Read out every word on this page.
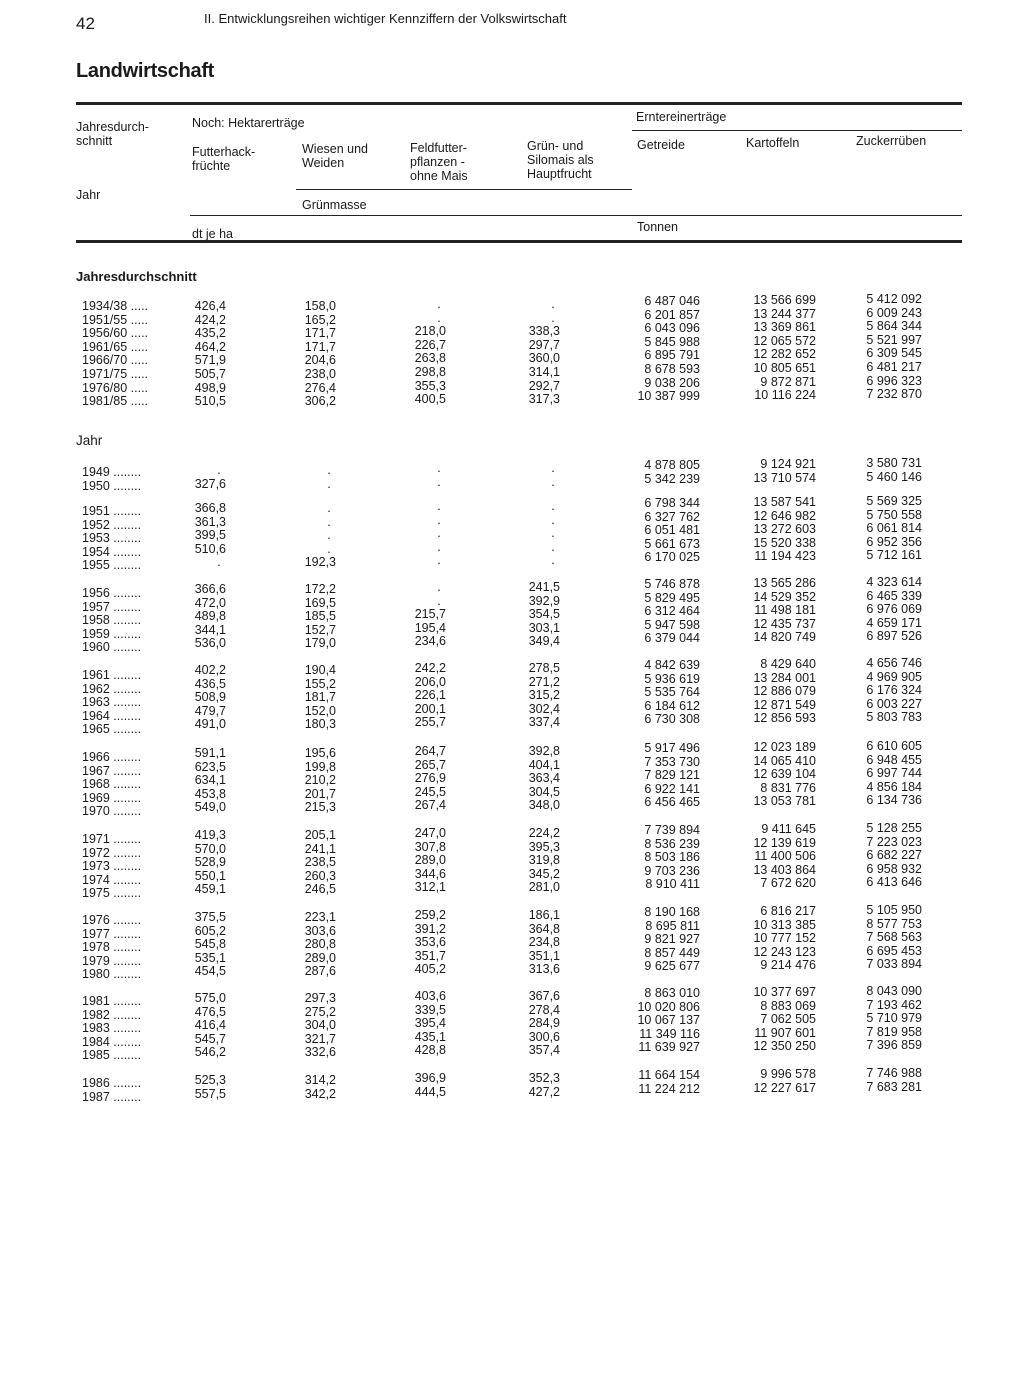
42	II. Entwicklungsreihen wichtiger Kennziffern der Volkswirtschaft
Landwirtschaft
Jahresdurch-
schnitt
Jahr
Noch: Hektarerträge	Erntereinerträge
Futterhack-
früchte
Wiesen und
Weiden
Feldfutter-
pflanzen -
ohne Mais
Grün- und
Silomais als
Hauptfrucht
Getreide	Kartoffeln	Zuckerrüben
Grünmasse
dt je ha	Tonnen
Jahresdurchschnitt
Jahr
1934/38 .....	426,4	158,0	.	.	6 487 046	13 566 699	5 412 092
1951/55 .....	424,2	165,2	.	.	6 201 857	13 244 377	6 009 243
1956/60 .....	435,2	171,7	218,0	338,3	6 043 096	13 369 861	5 864 344
1961/65 .....	464,2	171,7	226,7	297,7	5 845 988	12 065 572	5 521 997
1966/70 .....	571,9	204,6	263,8	360,0	6 895 791	12 282 652	6 309 545
1971/75 .....	505,7	238,0	298,8	314,1	8 678 593	10 805 651	6 481 217
1976/80 .....	498,9	276,4	355,3	292,7	9 038 206	9 872 871	6 996 323
1981/85 .....	510,5	306,2	400,5	317,3	10 387 999	10 116 224	7 232 870
1949 ........	.	.	.	.	4 878 805	9 124 921	3 580 731
1950 ........	327,6	.	.	.	5 342 239	13 710 574	5 460 146
1951 ........	366,8	.	.	.	6 798 344	13 587 541	5 569 325
1952 ........	361,3	.	.	.	6 327 762	12 646 982	5 750 558
1953 ........	399,5	.	.	.	6 051 481	13 272 603	6 061 814
1954 ........	510,6	.	.	.	5 661 673	15 520 338	6 952 356
1955 ........	.	192,3	.	.	6 170 025	11 194 423	5 712 161
1956 ........	366,6	172,2	.	241,5	5 746 878	13 565 286	4 323 614
1957 ........	472,0	169,5	.	392,9	5 829 495	14 529 352	6 465 339
1958 ........	489,8	185,5	215,7	354,5	6 312 464	11 498 181	6 976 069
1959 ........	344,1	152,7	195,4	303,1	5 947 598	12 435 737	4 659 171
1960 ........	536,0	179,0	234,6	349,4	6 379 044	14 820 749	6 897 526
1961 ........	402,2	190,4	242,2	278,5	4 842 639	8 429 640	4 656 746
1962 ........	436,5	155,2	206,0	271,2	5 936 619	13 284 001	4 969 905
1963 ........	508,9	181,7	226,1	315,2	5 535 764	12 886 079	6 176 324
1964 ........	479,7	152,0	200,1	302,4	6 184 612	12 871 549	6 003 227
1965 ........	491,0	180,3	255,7	337,4	6 730 308	12 856 593	5 803 783
1966 ........	591,1	195,6	264,7	392,8	5 917 496	12 023 189	6 610 605
1967 ........	623,5	199,8	265,7	404,1	7 353 730	14 065 410	6 948 455
1968 ........	634,1	210,2	276,9	363,4	7 829 121	12 639 104	6 997 744
1969 ........	453,8	201,7	245,5	304,5	6 922 141	8 831 776	4 856 184
1970 ........	549,0	215,3	267,4	348,0	6 456 465	13 053 781	6 134 736
1971 ........	419,3	205,1	247,0	224,2	7 739 894	9 411 645	5 128 255
1972 ........	570,0	241,1	307,8	395,3	8 536 239	12 139 619	7 223 023
1973 ........	528,9	238,5	289,0	319,8	8 503 186	11 400 506	6 682 227
1974 ........	550,1	260,3	344,6	345,2	9 703 236	13 403 864	6 958 932
1975 ........	459,1	246,5	312,1	281,0	8 910 411	7 672 620	6 413 646
1976 ........	375,5	223,1	259,2	186,1	8 190 168	6 816 217	5 105 950
1977 ........	605,2	303,6	391,2	364,8	8 695 811	10 313 385	8 577 753
1978 ........	545,8	280,8	353,6	234,8	9 821 927	10 777 152	7 568 563
1979 ........	535,1	289,0	351,7	351,1	8 857 449	12 243 123	6 695 453
1980 ........	454,5	287,6	405,2	313,6	9 625 677	9 214 476	7 033 894
1981 ........	575,0	297,3	403,6	367,6	8 863 010	10 377 697	8 043 090
1982 ........	476,5	275,2	339,5	278,4	10 020 806	8 883 069	7 193 462
1983 ........	416,4	304,0	395,4	284,9	10 067 137	7 062 505	5 710 979
1984 ........	545,7	321,7	435,1	300,6	11 349 116	11 907 601	7 819 958
1985 ........	546,2	332,6	428,8	357,4	11 639 927	12 350 250	7 396 859
1986 ........	525,3	314,2	396,9	352,3	11 664 154	9 996 578	7 746 988
1987 ........	557,5	342,2	444,5	427,2	11 224 212	12 227 617	7 683 281
